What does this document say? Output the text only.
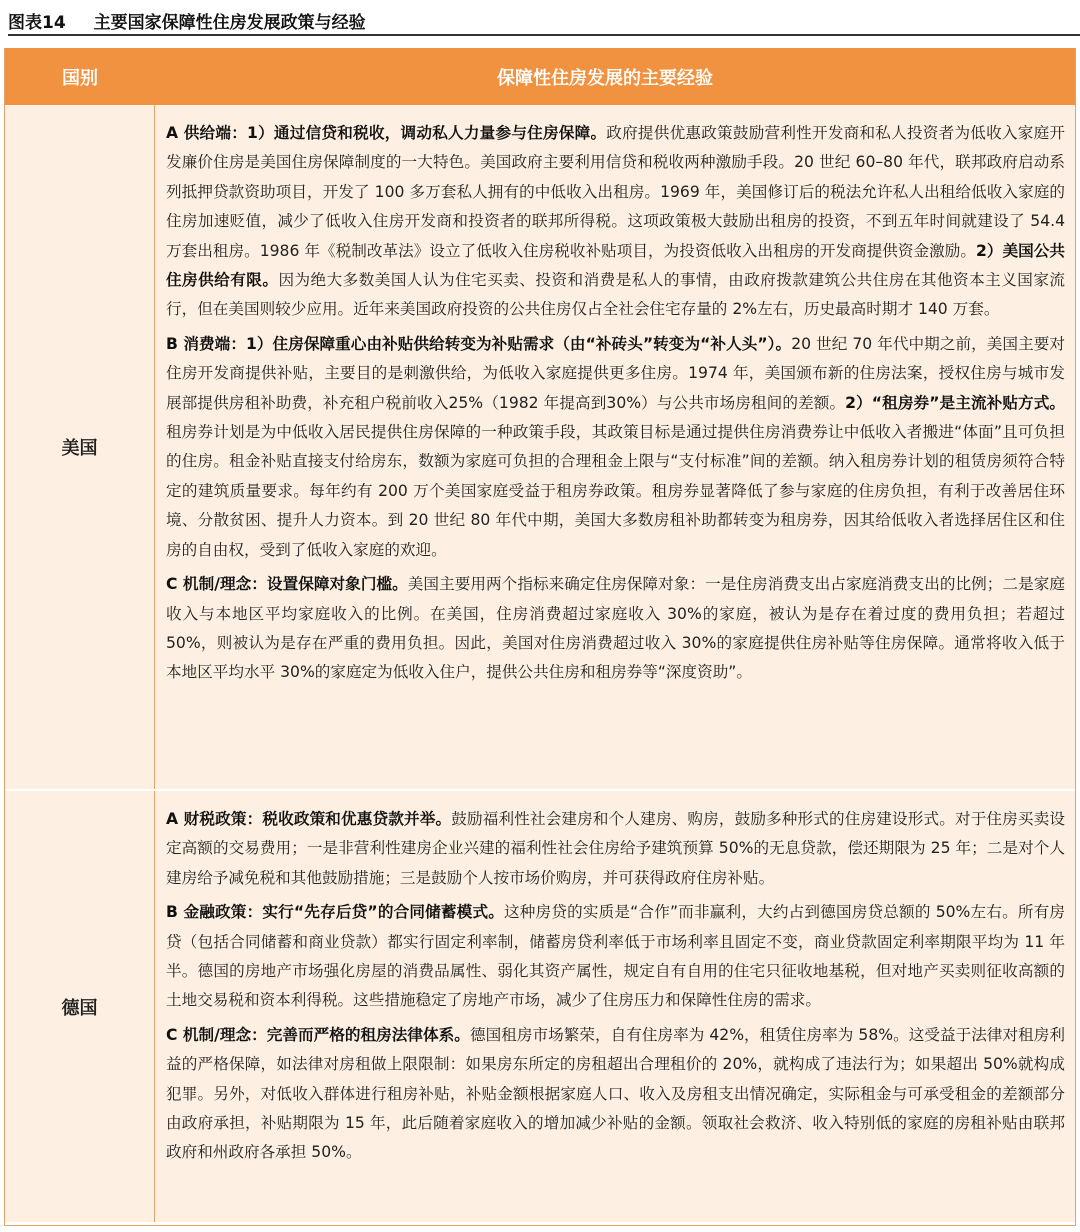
图表14 主要国家保障性住房发展政策与经验
国别	保障性住房发展的主要经验
美国

A 供给端：1）通过信贷和税收，调动私人力量参与住房保障。政府提供优惠政策鼓励营利性开发商和私人投资者为低收入家庭开发廉价住房是美国住房保障制度的一大特色。美国政府主要利用信贷和税收两种激励手段。20 世纪 60–80 年代，联邦政府启动系列抵押贷款资助项目，开发了 100 多万套私人拥有的中低收入出租房。1969 年，美国修订后的税法允许私人出租给低收入家庭的住房加速贬值，减少了低收入住房开发商和投资者的联邦所得税。这项政策极大鼓励出租房的投资，不到五年时间就建设了 54.4 万套出租房。1986 年《税制改革法》设立了低收入住房税收补贴项目，为投资低收入出租房的开发商提供资金激励。2）美国公共住房供给有限。因为绝大多数美国人认为住宅买卖、投资和消费是私人的事情，由政府拨款建筑公共住房在其他资本主义国家流行，但在美国则较少应用。近年来美国政府投资的公共住房仅占全社会住宅存量的 2%左右，历史最高时期才 140 万套。

B 消费端：1）住房保障重心由补贴供给转变为补贴需求（由“补砖头”转变为“补人头”）。20 世纪 70 年代中期之前，美国主要对住房开发商提供补贴，主要目的是刺激供给，为低收入家庭提供更多住房。1974 年，美国颁布新的住房法案，授权住房与城市发展部提供房租补助费，补充租户税前收入25%（1982 年提高到30%）与公共市场房租间的差额。2）“租房券”是主流补贴方式。租房券计划是为中低收入居民提供住房保障的一种政策手段，其政策目标是通过提供住房消费券让中低收入者搬进“体面”且可负担的住房。租金补贴直接支付给房东，数额为家庭可负担的合理租金上限与“支付标准”间的差额。纳入租房券计划的租赁房须符合特定的建筑质量要求。每年约有 200 万个美国家庭受益于租房券政策。租房券显著降低了参与家庭的住房负担，有利于改善居住环境、分散贫困、提升人力资本。到 20 世纪 80 年代中期，美国大多数房租补助都转变为租房券，因其给低收入者选择居住区和住房的自由权，受到了低收入家庭的欢迎。

C 机制/理念：设置保障对象门槛。美国主要用两个指标来确定住房保障对象：一是住房消费支出占家庭消费支出的比例；二是家庭收入与本地区平均家庭收入的比例。在美国，住房消费超过家庭收入 30%的家庭，被认为是存在着过度的费用负担；若超过 50%，则被认为是存在严重的费用负担。因此，美国对住房消费超过收入 30%的家庭提供住房补贴等住房保障。通常将收入低于本地区平均水平 30%的家庭定为低收入住户，提供公共住房和租房券等“深度资助”。

德国

A 财税政策：税收政策和优惠贷款并举。鼓励福利性社会建房和个人建房、购房，鼓励多种形式的住房建设形式。对于住房买卖设定高额的交易费用；一是非营利性建房企业兴建的福利性社会住房给予建筑预算 50%的无息贷款，偿还期限为 25 年；二是对个人建房给予减免税和其他鼓励措施；三是鼓励个人按市场价购房，并可获得政府住房补贴。

B 金融政策：实行“先存后贷”的合同储蓄模式。这种房贷的实质是“合作”而非赢利，大约占到德国房贷总额的 50%左右。所有房贷（包括合同储蓄和商业贷款）都实行固定利率制，储蓄房贷利率低于市场利率且固定不变，商业贷款固定利率期限平均为 11 年半。德国的房地产市场强化房屋的消费品属性、弱化其资产属性，规定自有自用的住宅只征收地基税，但对地产买卖则征收高额的土地交易税和资本利得税。这些措施稳定了房地产市场，减少了住房压力和保障性住房的需求。

C 机制/理念：完善而严格的租房法律体系。德国租房市场繁荣，自有住房率为 42%，租赁住房率为 58%。这受益于法律对租房利益的严格保障，如法律对房租做上限限制：如果房东所定的房租超出合理租价的 20%，就构成了违法行为；如果超出 50%就构成犯罪。另外，对低收入群体进行租房补贴，补贴金额根据家庭人口、收入及房租支出情况确定，实际租金与可承受租金的差额部分由政府承担，补贴期限为 15 年，此后随着家庭收入的增加减少补贴的金额。领取社会救济、收入特别低的家庭的房租补贴由联邦政府和州政府各承担 50%。
